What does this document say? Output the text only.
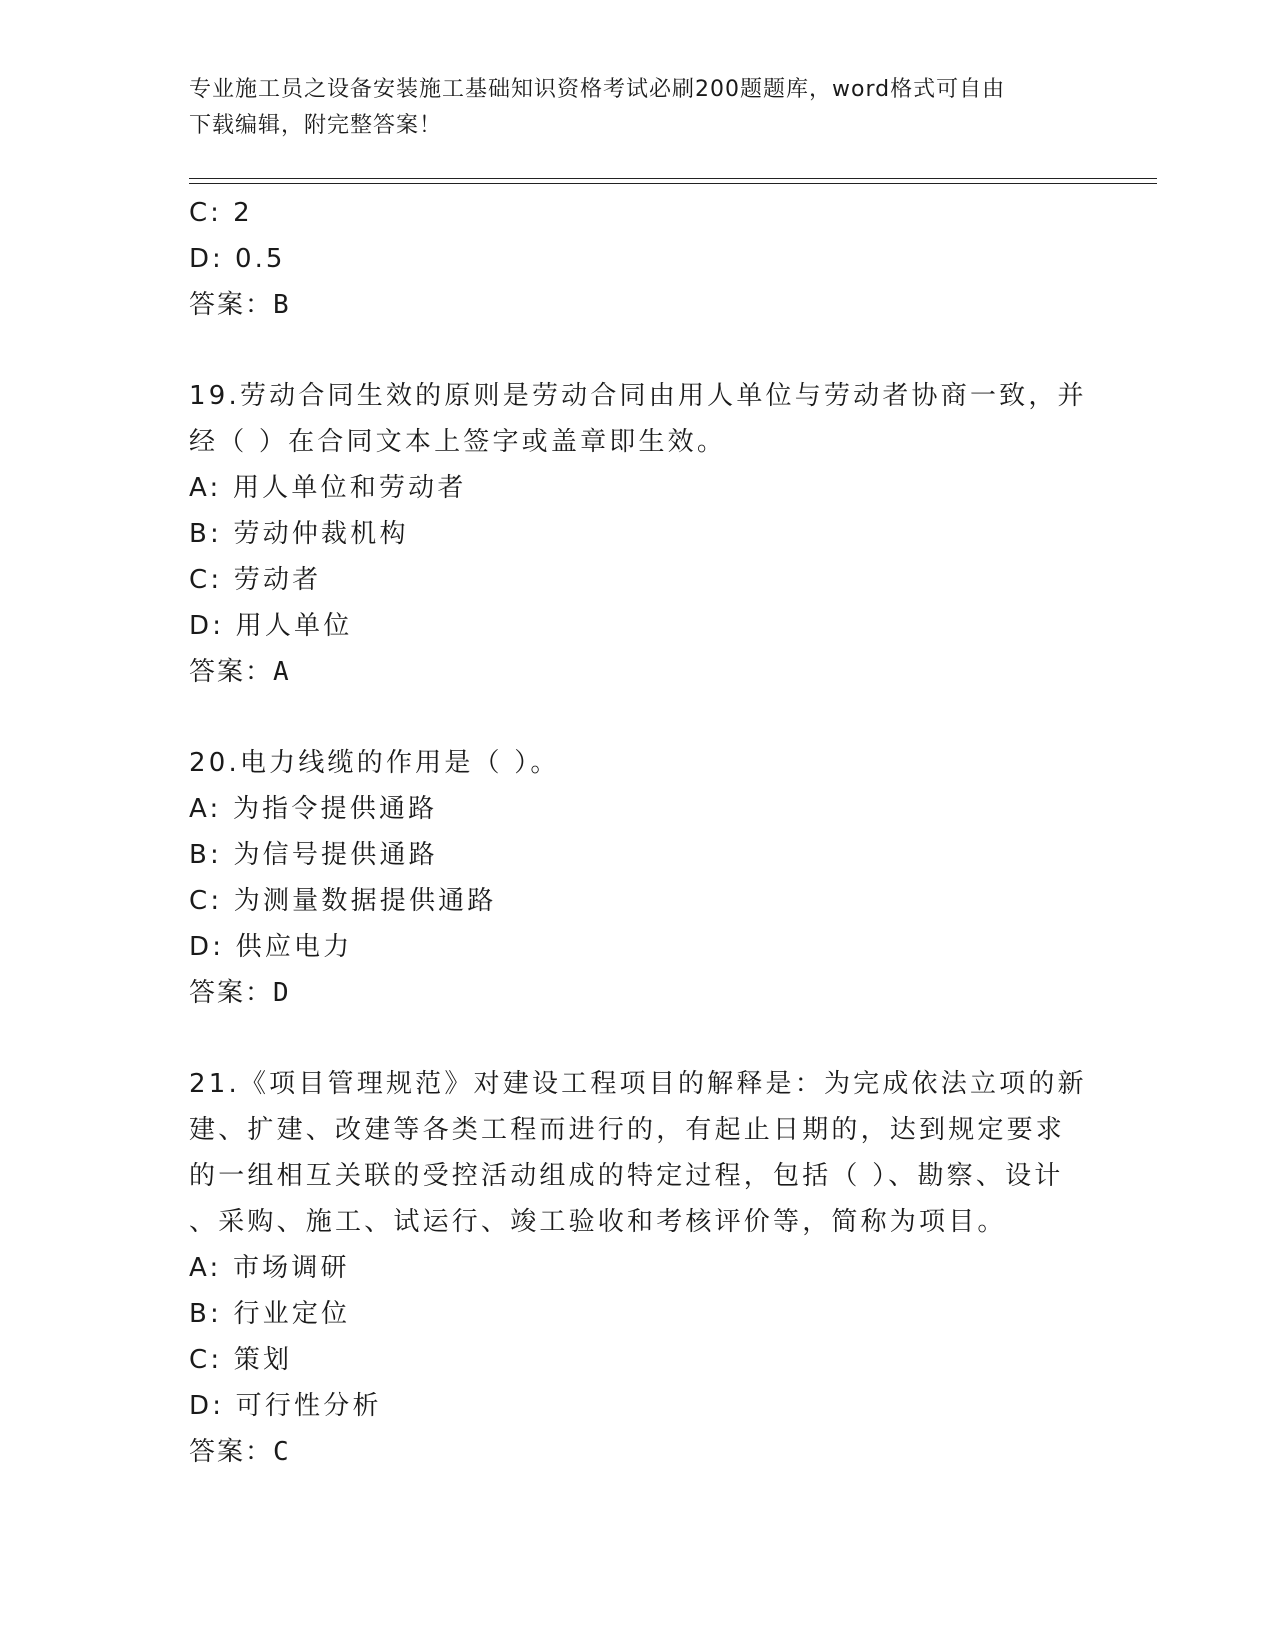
专业施工员之设备安装施工基础知识资格考试必刷200题题库，word格式可自由
下载编辑，附完整答案！
C: 2
D: 0.5
答案：B
19.劳动合同生效的原则是劳动合同由用人单位与劳动者协商一致，并
经（ ）在合同文本上签字或盖章即生效。
A: 用人单位和劳动者
B: 劳动仲裁机构
C: 劳动者
D: 用人单位
答案：A
20.电力线缆的作用是（ ）。
A: 为指令提供通路
B: 为信号提供通路
C: 为测量数据提供通路
D: 供应电力
答案：D
21.《项目管理规范》对建设工程项目的解释是：为完成依法立项的新
建、扩建、改建等各类工程而进行的，有起止日期的，达到规定要求
的一组相互关联的受控活动组成的特定过程，包括（ ）、勘察、设计
、采购、施工、试运行、竣工验收和考核评价等，简称为项目。
A: 市场调研
B: 行业定位
C: 策划
D: 可行性分析
答案：C
